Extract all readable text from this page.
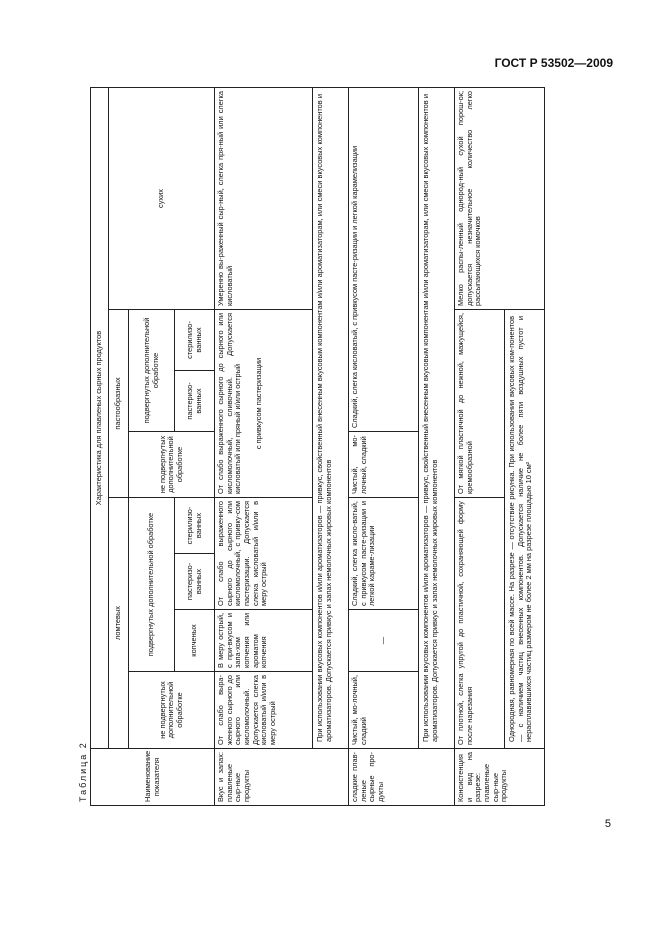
ГОСТ Р 53502—2009
Таблица 2	Наименование показателя	Характеристика для плавленых сырных продуктов							
	ломтевых				пастообразных			сухих
	не подвергнутых дополнительной обработке	подвергнутых дополнительной обработке			не подвергнутых дополнительной обработке	подвергнутых дополнительной обработке		
		копченых	пастеризо-ванных	стерилизо-ванных		пастеризо-ванных	стерилизо-ванных	
Вкус и запах: плавленые сыр-ные продукты	От слабо выра-женного сырного до сырного или кисломолочный. Допускается слегка кисловатый и/или в меру острый	В меру острый, с при-вкусом и запа-хом копчения или ароматом копчения	От слабо выраженного сырного до сырного или кисломолочный, с привку-сом пастеризации. Допускается слегка кисловатый и/или в меру острый		От слабо выраженного сырного до сырного или кисломолочный, сливочный. Допускается кисловатый или пряный и/или острый с привкусом пастеризации			Умеренно вы-раженный сыр-ный, слегка пря-ный или слегка кисловатый
	При использовании вкусовых компонентов и/или ароматизаторов — привкус, свойственный внесенным вкусовым компонентам и/или ароматизаторам, или смеси вкусовых компонентов и ароматизаторов. Допускается привкус и запах немолочных жировых компонентов							
сладкие плав-леные сырные про-дукты	Чистый, мо-лочный, сладкий	—	Сладкий, слегка кисло-ватый, с привкусом пасте-ризации и легкой караме-лизации		Чистый, мо-лочный, сладкий	Сладкий, слегка кисловатый, с привкусом пасте-ризации и легкой карамелизации		
	При использовании вкусовых компонентов и/или ароматизаторов — привкус, свойственный внесенным вкусовым компонентам и/или ароматизаторам, или смеси вкусовых компонентов и ароматизаторов. Допускается привкус и запах немолочных жировых компонентов							
Консистенция и вид на разрезе: плавленые сыр-ные продукты	От плотной, слегка упругой до пластичной, сохраняющей форму после нарезания				От мягкой пластичной до нежной, мажущейся, кремообразной			Мелко распы-ленный однород-ный сухой порош-ок; допускается незначительное количество легко рассыпающихся комочков
	Однородная, равномерная по всей массе. На разрезе — отсутствие рисунка. При использовании вкусовых ком-понентов — с наличием частиц внесенных компонентов. Допускается наличие не более пяти воздушных пустот и нерасплавившихся частиц размером не более 2 мм на разрезе площадью 10 см²							
5
